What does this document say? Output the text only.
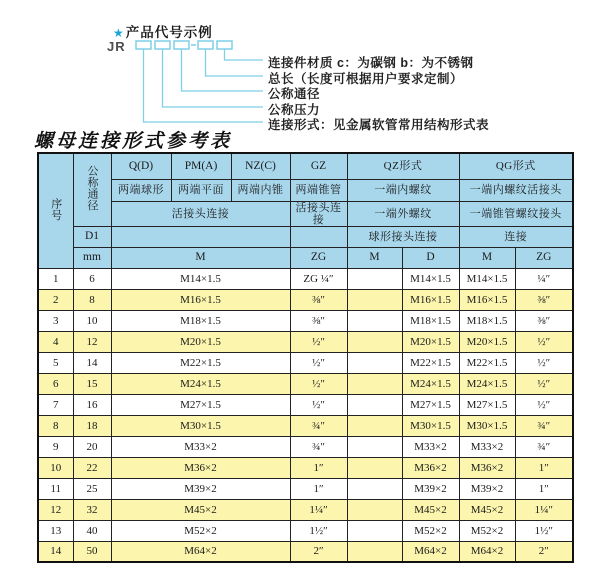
★产品代号示例
JR
连接件材质 c：为碳钢 b：为不锈钢
总长（长度可根据用户要求定制）
公称通径
公称压力
连接形式：见金属软管常用结构形式表
螺母连接形式参考表
序号	公称通径	Q(D)	PM(A)	NZ(C)	GZ	QZ形式		QG形式	
		两端球形	两端平面	两端内锥	两端锥管	一端内螺纹		一端内螺纹活接头	
		活接头连接			活接头连接	一端外螺纹		一端锥管螺纹接头	
	D1					球形接头连接		连接	
	mm	M			ZG	M	D	M	ZG
1	6	M14×1.5			ZG ¼″		M14×1.5	M14×1.5	¼″
2	8	M16×1.5			⅜″		M16×1.5	M16×1.5	⅜″
3	10	M18×1.5			⅜″		M18×1.5	M18×1.5	⅜″
4	12	M20×1.5			½″		M20×1.5	M20×1.5	½″
5	14	M22×1.5			½″		M22×1.5	M22×1.5	½″
6	15	M24×1.5			½″		M24×1.5	M24×1.5	½″
7	16	M27×1.5			½″		M27×1.5	M27×1.5	½″
8	18	M30×1.5			¾″		M30×1.5	M30×1.5	¾″
9	20	M33×2			¾″		M33×2	M33×2	¾″
10	22	M36×2			1″		M36×2	M36×2	1″
11	25	M39×2			1″		M39×2	M39×2	1″
12	32	M45×2			1¼″		M45×2	M45×2	1¼″
13	40	M52×2			1½″		M52×2	M52×2	1½″
14	50	M64×2			2″		M64×2	M64×2	2″
